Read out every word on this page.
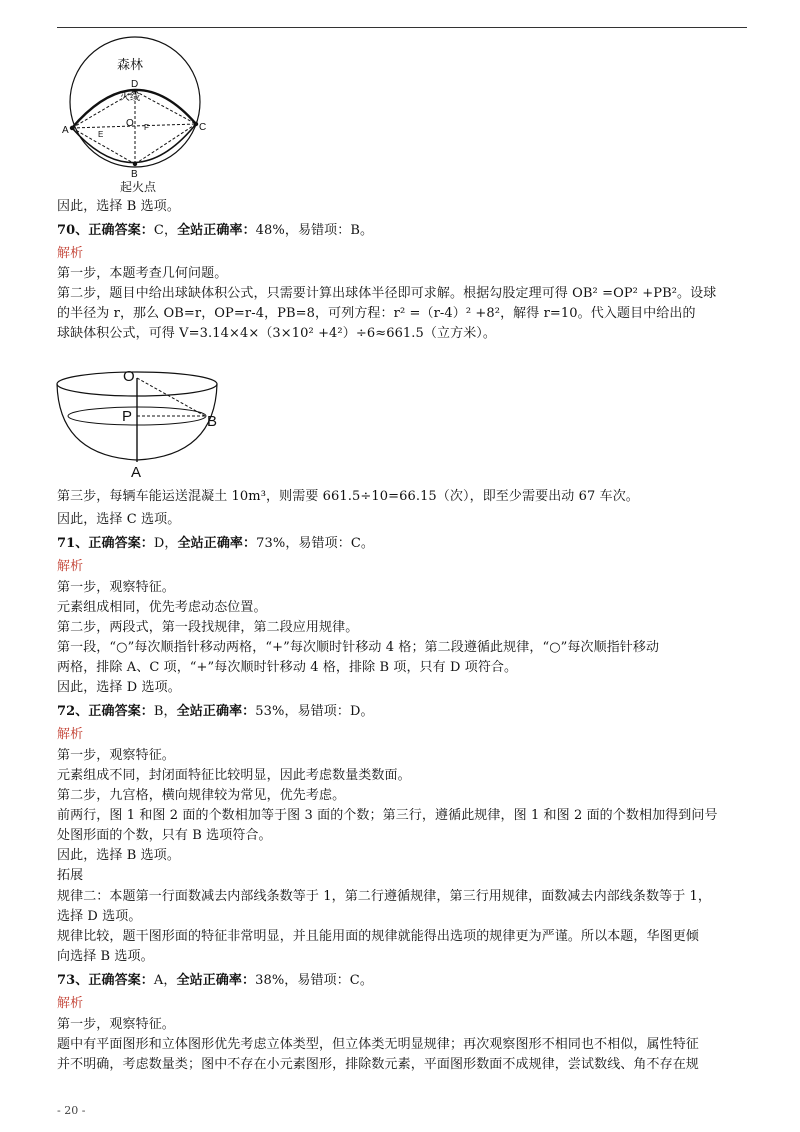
森林
火线
D
A	C
B
O
E
F
起火点
O
P	B
A
因此，选择 B 选项。
70、正确答案：C，全站正确率：48%，易错项：B。
解析
第一步，本题考查几何问题。
第二步，题目中给出球缺体积公式，只需要计算出球体半径即可求解。根据勾股定理可得 OB² =OP² +PB²。设球
的半径为 r，那么 OB=r，OP=r-4，PB=8，可列方程：r² =（r-4）² +8²，解得 r=10。代入题目中给出的
球缺体积公式，可得 V=3.14×4×（3×10² +4²）÷6≈661.5（立方米）。
第三步，每辆车能运送混凝土 10m³，则需要 661.5÷10=66.15（次），即至少需要出动 67 车次。
因此，选择 C 选项。
71、正确答案：D，全站正确率：73%，易错项：C。
解析
第一步，观察特征。
元素组成相同，优先考虑动态位置。
第二步，两段式，第一段找规律，第二段应用规律。
第一段，“○”每次顺指针移动两格，“+”每次顺时针移动 4 格；第二段遵循此规律，“○”每次顺指针移动
两格，排除 A、C 项，“+”每次顺时针移动 4 格，排除 B 项，只有 D 项符合。
因此，选择 D 选项。
72、正确答案：B，全站正确率：53%，易错项：D。
解析
第一步，观察特征。
元素组成不同，封闭面特征比较明显，因此考虑数量类数面。
第二步，九宫格，横向规律较为常见，优先考虑。
前两行，图 1 和图 2 面的个数相加等于图 3 面的个数；第三行，遵循此规律，图 1 和图 2 面的个数相加得到问号
处图形面的个数，只有 B 选项符合。
因此，选择 B 选项。
拓展
规律二：本题第一行面数减去内部线条数等于 1，第二行遵循规律，第三行用规律，面数减去内部线条数等于 1，
选择 D 选项。
规律比较，题干图形面的特征非常明显，并且能用面的规律就能得出选项的规律更为严谨。所以本题，华图更倾
向选择 B 选项。
73、正确答案：A，全站正确率：38%，易错项：C。
解析
第一步，观察特征。
题中有平面图形和立体图形优先考虑立体类型，但立体类无明显规律；再次观察图形不相同也不相似，属性特征
并不明确，考虑数量类；图中不存在小元素图形，排除数元素，平面图形数面不成规律，尝试数线、角不存在规
- 20 -
